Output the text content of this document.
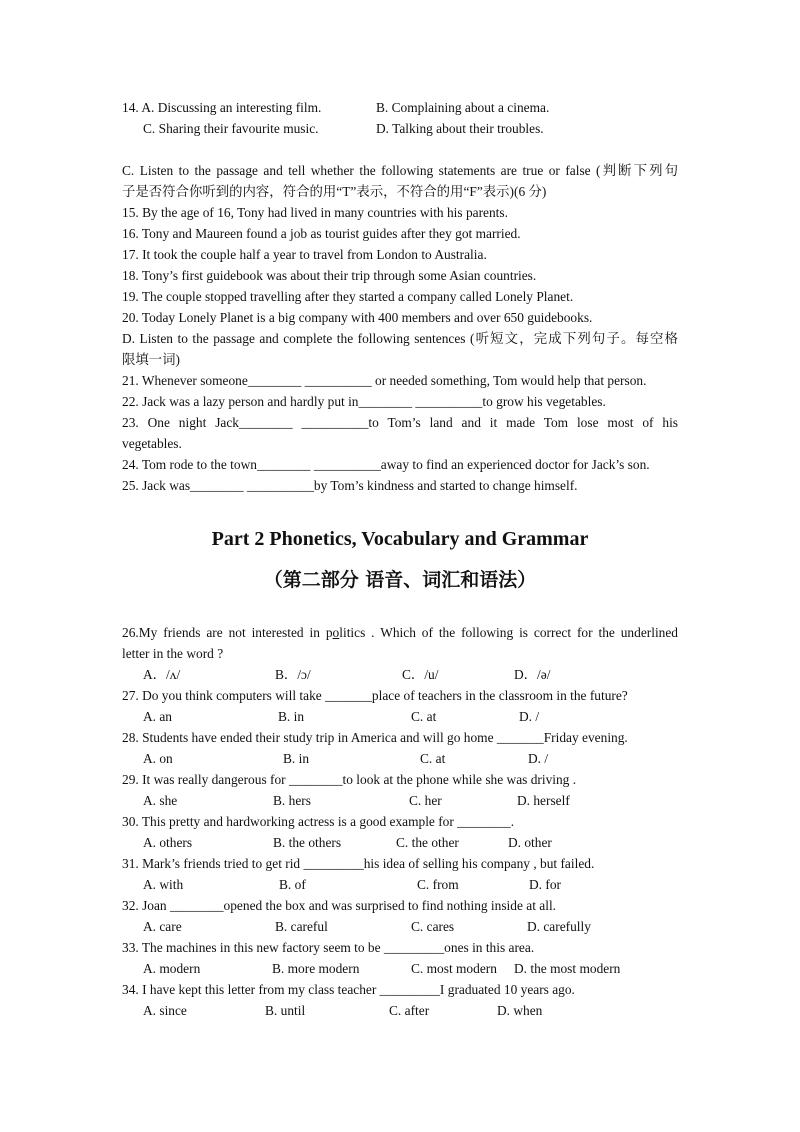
14. A. Discussing an interesting film.	B. Complaining about a cinema.
C. Sharing their favourite music.	D. Talking about their troubles.
C. Listen to the passage and tell whether the following statements are true or false (判断下列句
子是否符合你听到的内容，符合的用“T”表示，不符合的用“F”表示)(6 分)
15. By the age of 16, Tony had lived in many countries with his parents.
16. Tony and Maureen found a job as tourist guides after they got married.
17. It took the couple half a year to travel from London to Australia.
18. Tony’s first guidebook was about their trip through some Asian countries.
19. The couple stopped travelling after they started a company called Lonely Planet.
20. Today Lonely Planet is a big company with 400 members and over 650 guidebooks.
D. Listen to the passage and complete the following sentences (听短文，完成下列句子。每空格
限填一词)
21. Whenever someone________ __________ or needed something, Tom would help that person.
22. Jack was a lazy person and hardly put in________ __________to grow his vegetables.
23. One night Jack________ __________to Tom’s land and it made Tom lose most of his
vegetables.
24. Tom rode to the town________ __________away to find an experienced doctor for Jack’s son.
25. Jack was________ __________by Tom’s kindness and started to change himself.
Part 2 Phonetics, Vocabulary and Grammar
（第二部分 语音、词汇和语法）
26.My friends are not interested in politics . Which of the following is correct for the underlined
letter in the word ?
A．/ʌ/	B．/ɔ/	C．/u/	D．/ə/
27. Do you think computers will take _______place of teachers in the classroom in the future?
A. an	B. in	C. at	D. /
28. Students have ended their study trip in America and will go home _______Friday evening.
A. on	B. in	C. at	D. /
29. It was really dangerous for ________to look at the phone while she was driving .
A. she	B. hers	C. her	D. herself
30. This pretty and hardworking actress is a good example for ________.
A. others	B. the others	C. the other	D. other
31. Mark’s friends tried to get rid _________his idea of selling his company , but failed.
A. with	B. of	C. from	D. for
32. Joan ________opened the box and was surprised to find nothing inside at all.
A. care	B. careful	C. cares	D. carefully
33. The machines in this new factory seem to be _________ones in this area.
A. modern	B. more modern	C. most modern D. the most modern
34. I have kept this letter from my class teacher _________I graduated 10 years ago.
A. since	B. until	C. after	D. when
